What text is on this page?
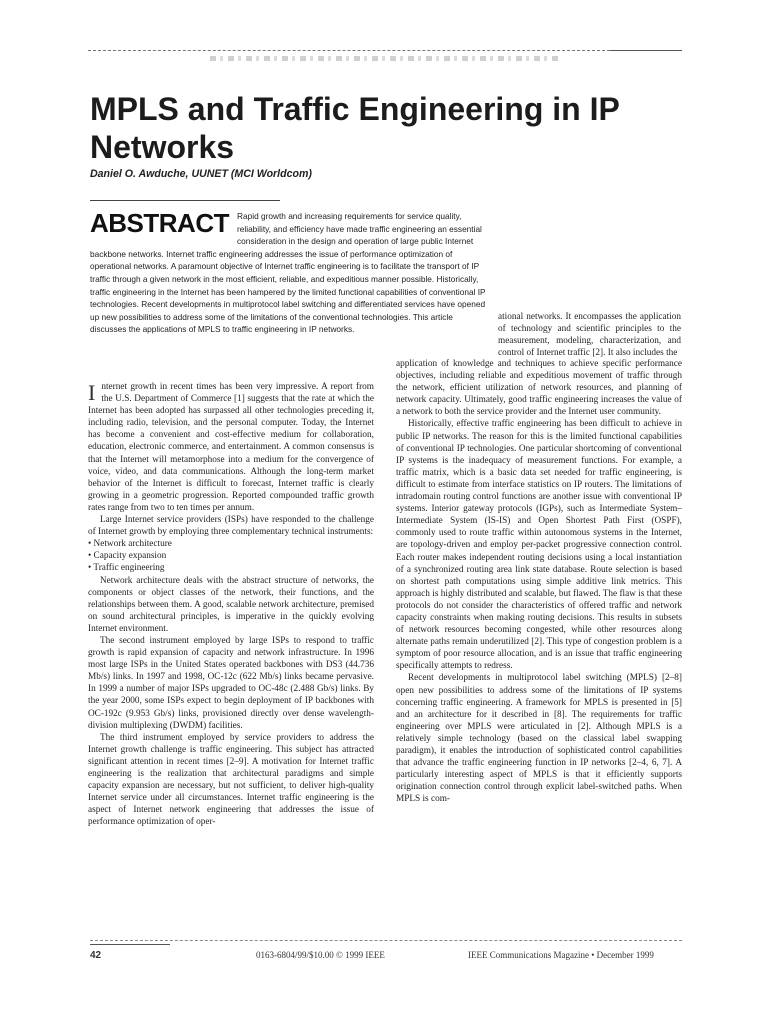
MPLS and Traffic Engineering in IP Networks
Daniel O. Awduche, UUNET (MCI Worldcom)

ABSTRACT Rapid growth and increasing requirements for service quality, reliability, and efficiency have made traffic engineering an essential consideration in the design and operation of large public Internet backbone networks. Internet traffic engineering addresses the issue of performance optimization of operational networks. A paramount objective of Internet traffic engineering is to facilitate the transport of IP traffic through a given network in the most efficient, reliable, and expeditious manner possible. Historically, traffic engineering in the Internet has been hampered by the limited functional capabilities of conventional IP technologies. Recent developments in multiprotocol label switching and differentiated services have opened up new possibilities to address some of the limitations of the conventional technologies. This article discusses the applications of MPLS to traffic engineering in IP networks.

ational networks. It encompasses the application of technology and scientific principles to the measurement, modeling, characterization, and control of Internet traffic [2]. It also includes the

Internet growth in recent times has been very impressive. A report from the U.S. Department of Commerce [1] suggests that the rate at which the Internet has been adopted has surpassed all other technologies preceding it, including radio, television, and the personal computer. Today, the Internet has become a convenient and cost-effective medium for collaboration, education, electronic commerce, and entertainment. A common consensus is that the Internet will metamorphose into a medium for the convergence of voice, video, and data communications. Although the long-term market behavior of the Internet is difficult to forecast, Internet traffic is clearly growing in a geometric progression. Reported compounded traffic growth rates range from two to ten times per annum.

Large Internet service providers (ISPs) have responded to the challenge of Internet growth by employing three complementary technical instruments:

• Network architecture

• Capacity expansion

• Traffic engineering

Network architecture deals with the abstract structure of networks, the components or object classes of the network, their functions, and the relationships between them. A good, scalable network architecture, premised on sound architectural principles, is imperative in the quickly evolving Internet environment.

The second instrument employed by large ISPs to respond to traffic growth is rapid expansion of capacity and network infrastructure. In 1996 most large ISPs in the United States operated backbones with DS3 (44.736 Mb/s) links. In 1997 and 1998, OC-12c (622 Mb/s) links became pervasive. In 1999 a number of major ISPs upgraded to OC-48c (2.488 Gb/s) links. By the year 2000, some ISPs expect to begin deployment of IP backbones with OC-192c (9.953 Gb/s) links, provisioned directly over dense wavelength-division multiplexing (DWDM) facilities.

The third instrument employed by service providers to address the Internet growth challenge is traffic engineering. This subject has attracted significant attention in recent times [2–9]. A motivation for Internet traffic engineering is the realization that architectural paradigms and simple capacity expansion are necessary, but not sufficient, to deliver high-quality Internet service under all circumstances. Internet traffic engineering is the aspect of Internet network engineering that addresses the issue of performance optimization of oper-

application of knowledge and techniques to achieve specific performance objectives, including reliable and expeditious movement of traffic through the network, efficient utilization of network resources, and planning of network capacity. Ultimately, good traffic engineering increases the value of a network to both the service provider and the Internet user community.

Historically, effective traffic engineering has been difficult to achieve in public IP networks. The reason for this is the limited functional capabilities of conventional IP technologies. One particular shortcoming of conventional IP systems is the inadequacy of measurement functions. For example, a traffic matrix, which is a basic data set needed for traffic engineering, is difficult to estimate from interface statistics on IP routers. The limitations of intradomain routing control functions are another issue with conventional IP systems. Interior gateway protocols (IGPs), such as Intermediate System–Intermediate System (IS-IS) and Open Shortest Path First (OSPF), commonly used to route traffic within autonomous systems in the Internet, are topology-driven and employ per-packet progressive connection control. Each router makes independent routing decisions using a local instantiation of a synchronized routing area link state database. Route selection is based on shortest path computations using simple additive link metrics. This approach is highly distributed and scalable, but flawed. The flaw is that these protocols do not consider the characteristics of offered traffic and network capacity constraints when making routing decisions. This results in subsets of network resources becoming congested, while other resources along alternate paths remain underutilized [2]. This type of congestion problem is a symptom of poor resource allocation, and is an issue that traffic engineering specifically attempts to redress.

Recent developments in multiprotocol label switching (MPLS) [2–8] open new possibilities to address some of the limitations of IP systems concerning traffic engineering. A framework for MPLS is presented in [5] and an architecture for it described in [8]. The requirements for traffic engineering over MPLS were articulated in [2]. Although MPLS is a relatively simple technology (based on the classical label swapping paradigm), it enables the introduction of sophisticated control capabilities that advance the traffic engineering function in IP networks [2–4, 6, 7]. A particularly interesting aspect of MPLS is that it efficiently supports origination connection control through explicit label-switched paths. When MPLS is com-

42	0163-6804/99/$10.00 © 1999 IEEE	IEEE Communications Magazine • December 1999
